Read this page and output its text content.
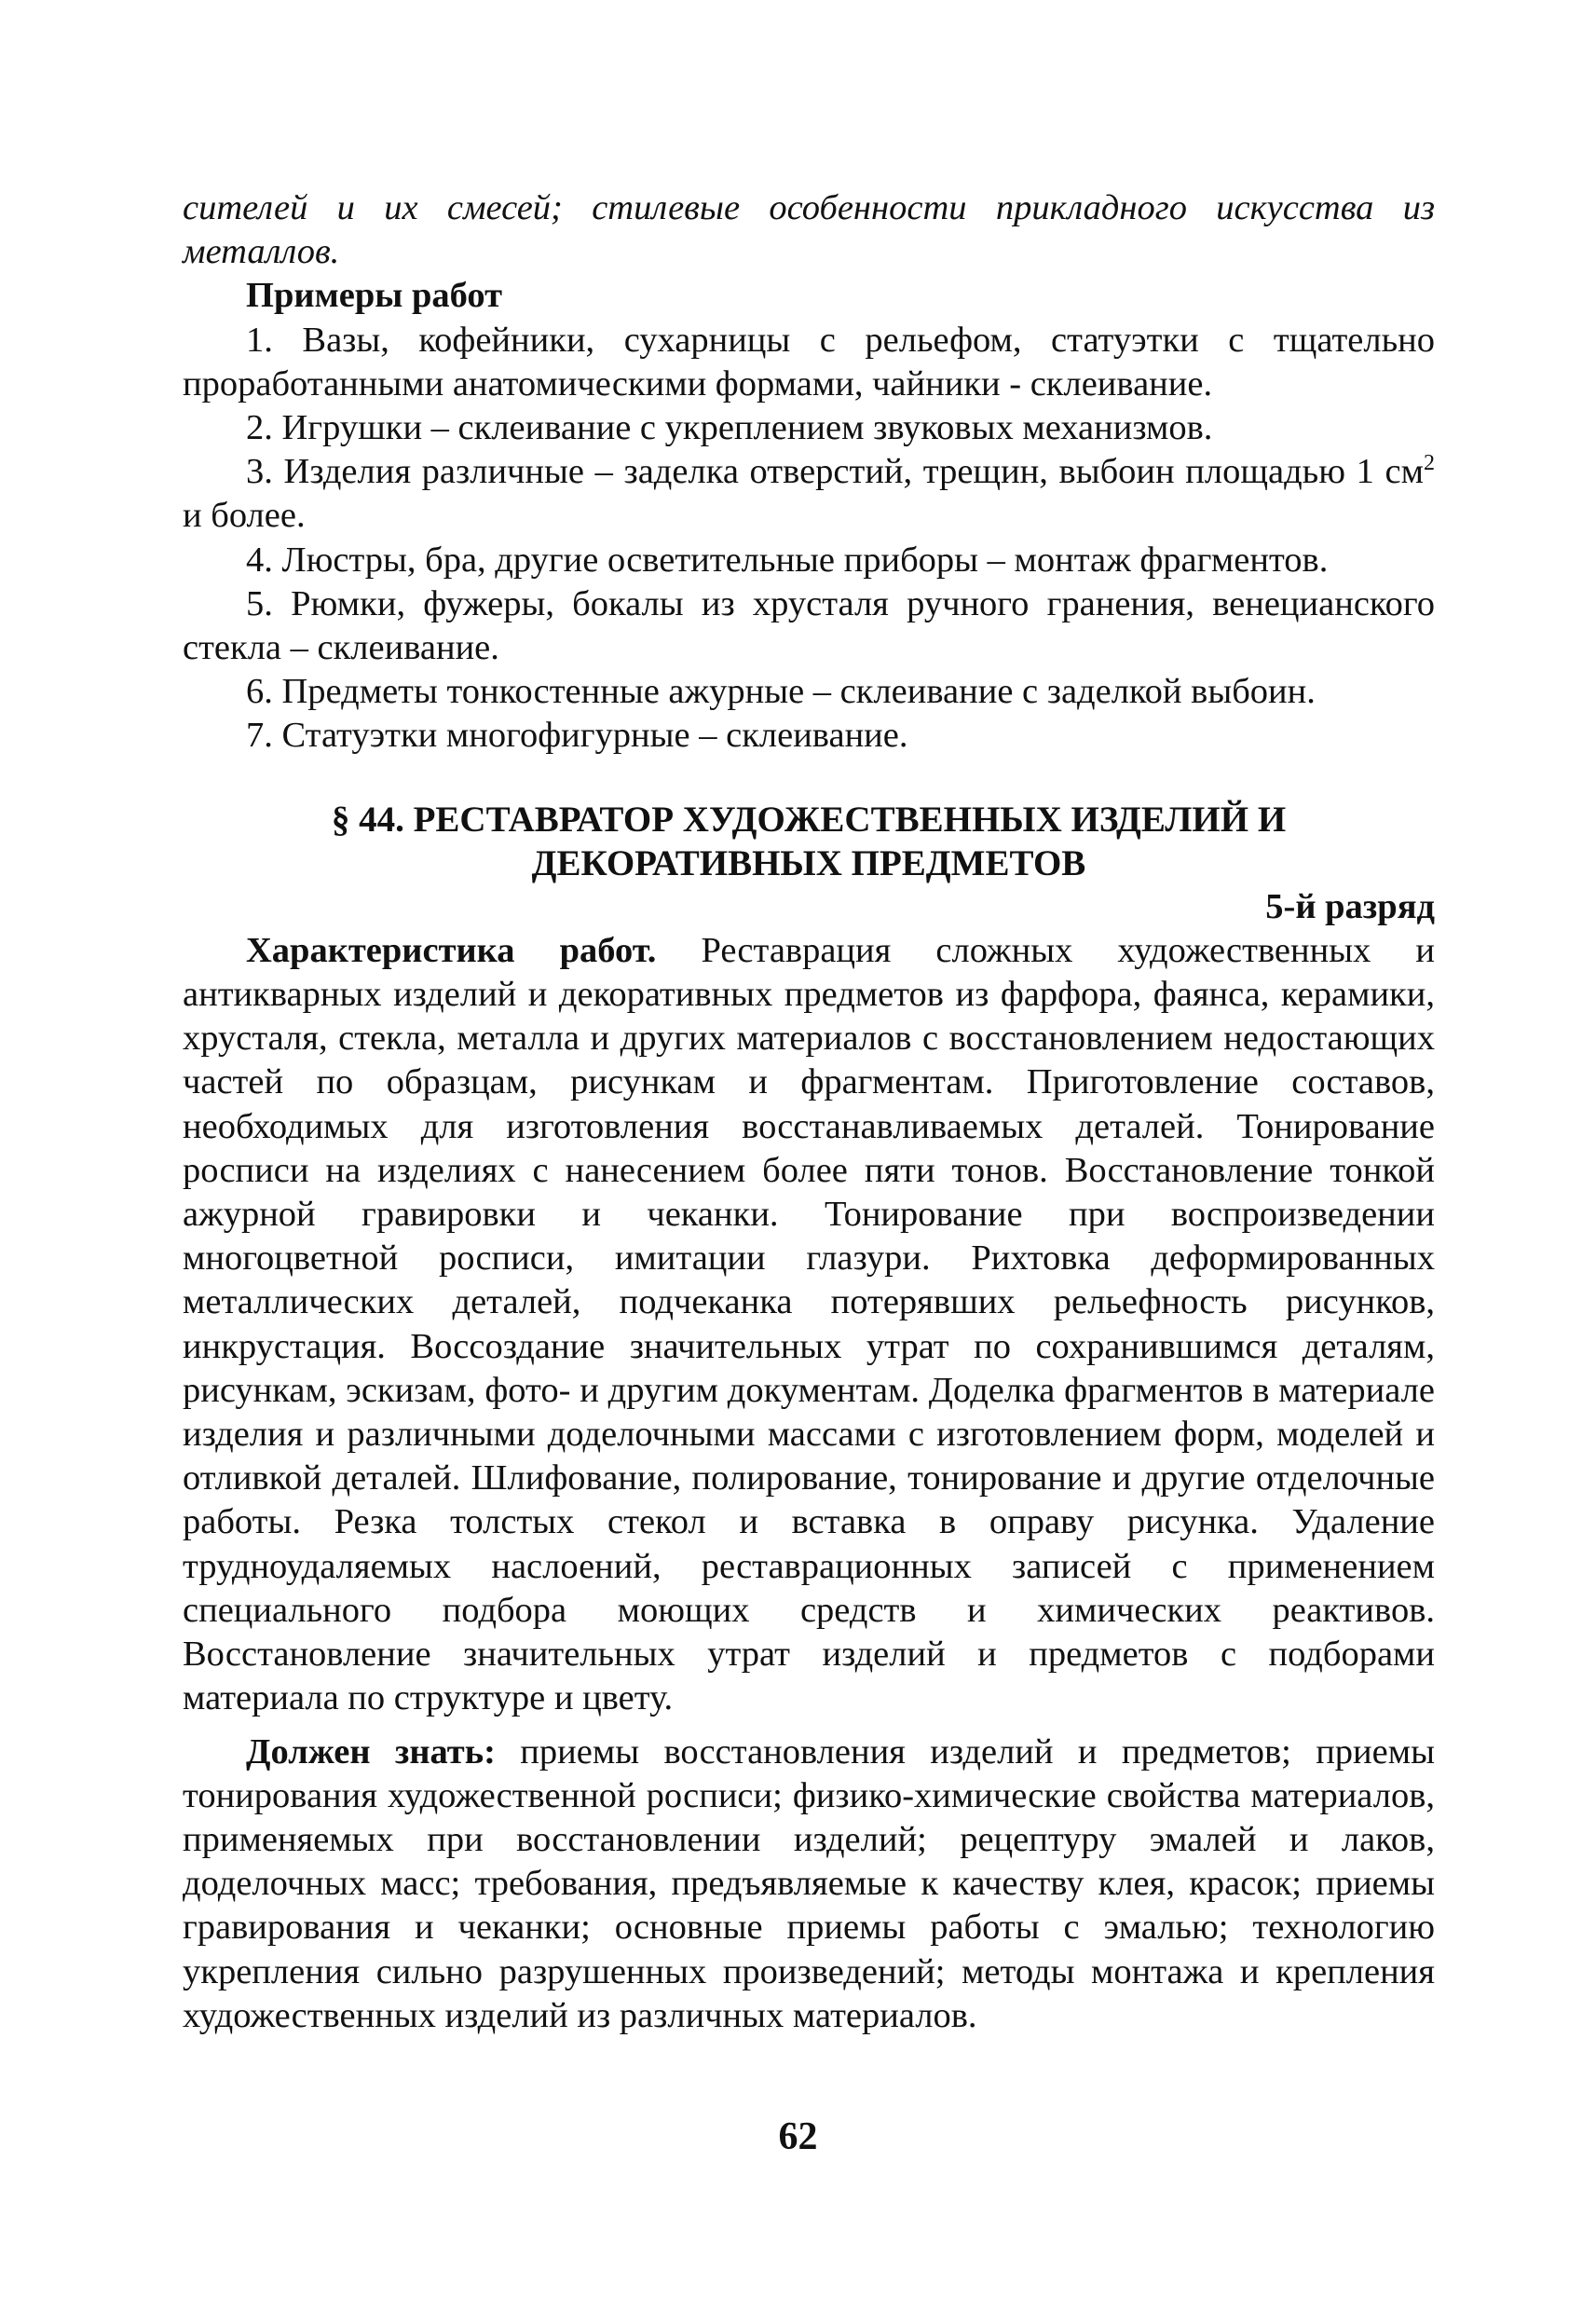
сителей и их смесей; стилевые особенности прикладного искусства из металлов.

Примеры работ

1. Вазы, кофейники, сухарницы с рельефом, статуэтки с тщательно проработанными анатомическими формами, чайники - склеивание.

2. Игрушки – склеивание с укреплением звуковых механизмов.

3. Изделия различные – заделка отверстий, трещин, выбоин площадью 1 $см^2$ и более.

4. Люстры, бра, другие осветительные приборы – монтаж фрагментов.

5. Рюмки, фужеры, бокалы из хрусталя ручного гранения, венецианского стекла – склеивание.

6. Предметы тонкостенные ажурные – склеивание с заделкой выбоин.

7. Статуэтки многофигурные – склеивание.

§ 44. РЕСТАВРАТОР ХУДОЖЕСТВЕННЫХ ИЗДЕЛИЙ И

ДЕКОРАТИВНЫХ ПРЕДМЕТОВ

5-й разряд

Характеристика работ. Реставрация сложных художественных и антикварных изделий и декоративных предметов из фарфора, фаянса, керамики, хрусталя, стекла, металла и других материалов с восстановлением недостающих частей по образцам, рисункам и фрагментам. Приготовление составов, необходимых для изготовления восстанавливаемых деталей. Тонирование росписи на изделиях с нанесением более пяти тонов. Восстановление тонкой ажурной гравировки и чеканки. Тонирование при воспроизведении многоцветной росписи, имитации глазури. Рихтовка деформированных металлических деталей, подчеканка потерявших рельефность рисунков, инкрустация. Воссоздание значительных утрат по сохранившимся деталям, рисункам, эскизам, фото- и другим документам. Доделка фрагментов в материале изделия и различными доделочными массами с изготовлением форм, моделей и отливкой деталей. Шлифование, полирование, тонирование и другие отделочные работы. Резка толстых стекол и вставка в оправу рисунка. Удаление трудноудаляемых наслоений, реставрационных записей с применением специального подбора моющих средств и химических реактивов. Восстановление значительных утрат изделий и предметов с подборами материала по структуре и цвету.

Должен знать: приемы восстановления изделий и предметов; приемы тонирования художественной росписи; физико-химические свойства материалов, применяемых при восстановлении изделий; рецептуру эмалей и лаков, доделочных масс; требования, предъявляемые к качеству клея, красок; приемы гравирования и чеканки; основные приемы работы с эмалью; технологию укрепления сильно разрушенных произведений; методы монтажа и крепления художественных изделий из различных материалов.

62
